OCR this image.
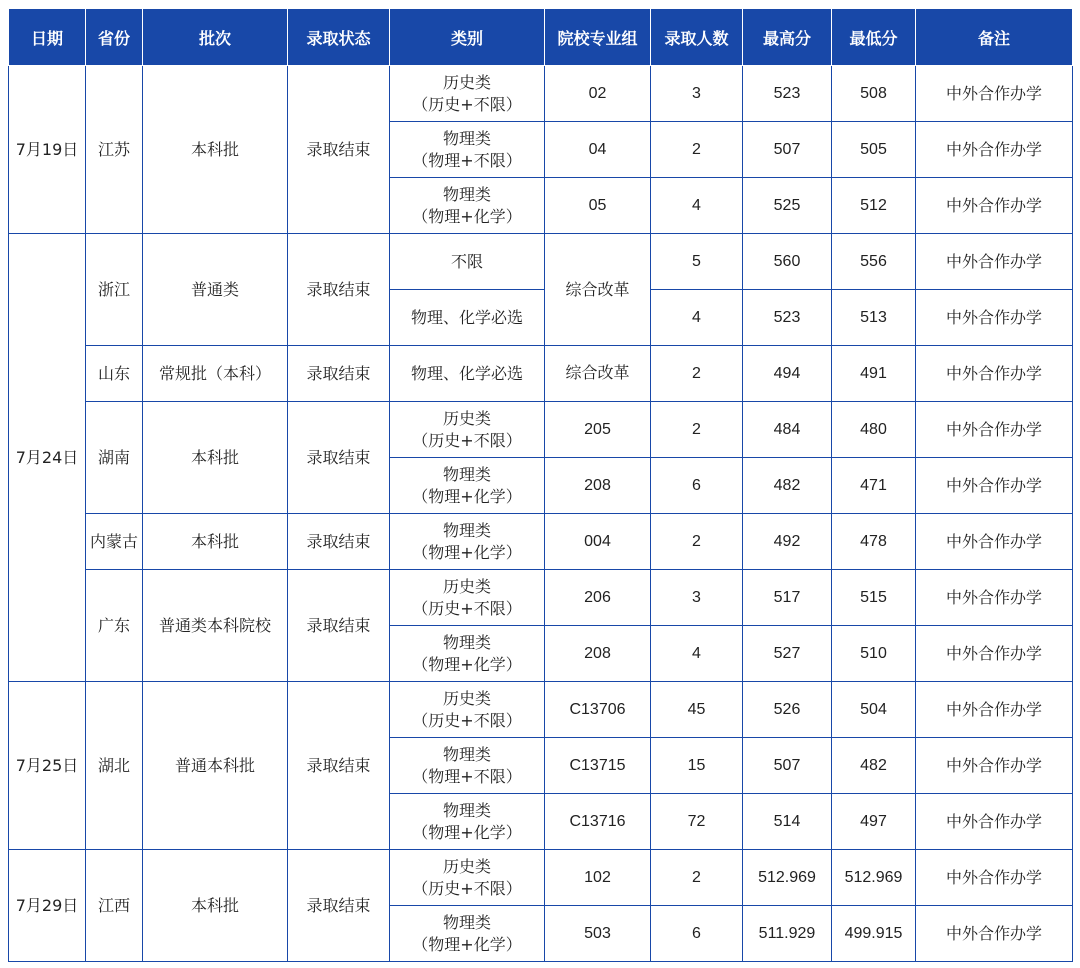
日期	省份	批次	录取状态	类别	院校专业组	录取人数	最高分	最低分	备注
7月19日	江苏	本科批	录取结束	历史类
（历史+不限）	02	3	523	508	中外合作办学

				物理类
（物理+不限）	04	2	507	505	中外合作办学

				物理类
（物理+化学）	05	4	525	512	中外合作办学
7月24日	浙江	普通类	录取结束	不限	综合改革	5	560	556	中外合作办学

				物理、化学必选		4	523	513	中外合作办学
	山东	常规批（本科）	录取结束	物理、化学必选	综合改革	2	494	491	中外合作办学
	湖南	本科批	录取结束	历史类
（历史+不限）	205	2	484	480	中外合作办学

				物理类
（物理+化学）	208	6	482	471	中外合作办学
	内蒙古	本科批	录取结束	物理类
（物理+化学）	004	2	492	478	中外合作办学
	广东	普通类本科院校	录取结束	历史类
（历史+不限）	206	3	517	515	中外合作办学

				物理类
（物理+化学）	208	4	527	510	中外合作办学
7月25日	湖北	普通本科批	录取结束	历史类
（历史+不限）	C13706	45	526	504	中外合作办学

				物理类
（物理+不限）	C13715	15	507	482	中外合作办学

				物理类
（物理+化学）	C13716	72	514	497	中外合作办学
7月29日	江西	本科批	录取结束	历史类
（历史+不限）	102	2	512.969	512.969	中外合作办学

				物理类
（物理+化学）	503	6	511.929	499.915	中外合作办学
